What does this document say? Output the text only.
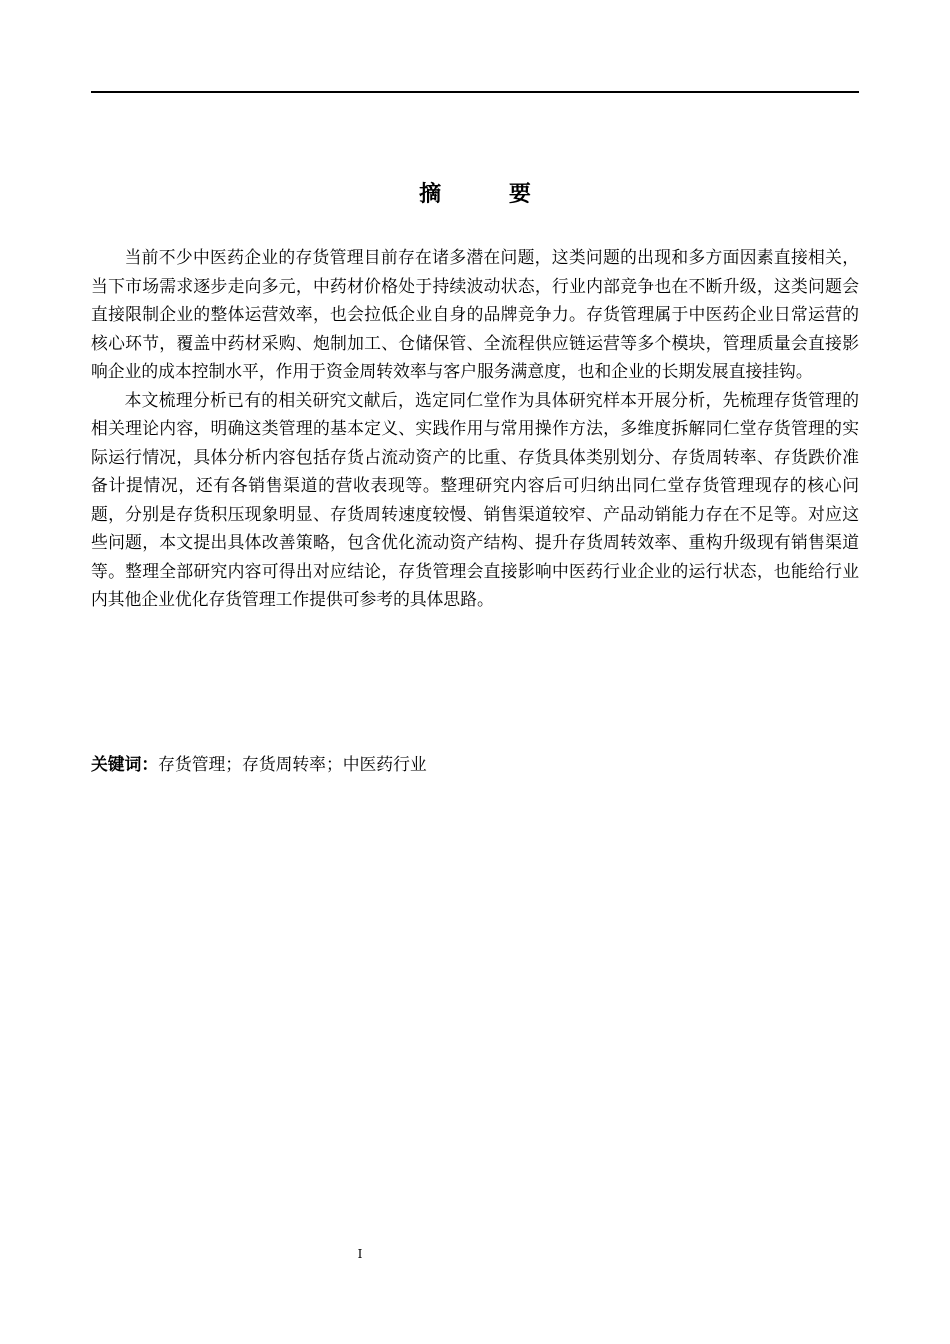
摘 要

当前不少中医药企业的存货管理目前存在诸多潜在问题，这类问题的出现和多方面因素直接相关，当下市场需求逐步走向多元，中药材价格处于持续波动状态，行业内部竞争也在不断升级，这类问题会直接限制企业的整体运营效率，也会拉低企业自身的品牌竞争力。存货管理属于中医药企业日常运营的核心环节，覆盖中药材采购、炮制加工、仓储保管、全流程供应链运营等多个模块，管理质量会直接影响企业的成本控制水平，作用于资金周转效率与客户服务满意度，也和企业的长期发展直接挂钩。

本文梳理分析已有的相关研究文献后，选定同仁堂作为具体研究样本开展分析，先梳理存货管理的相关理论内容，明确这类管理的基本定义、实践作用与常用操作方法，多维度拆解同仁堂存货管理的实际运行情况，具体分析内容包括存货占流动资产的比重、存货具体类别划分、存货周转率、存货跌价准备计提情况，还有各销售渠道的营收表现等。整理研究内容后可归纳出同仁堂存货管理现存的核心问题，分别是存货积压现象明显、存货周转速度较慢、销售渠道较窄、产品动销能力存在不足等。对应这些问题，本文提出具体改善策略，包含优化流动资产结构、提升存货周转效率、重构升级现有销售渠道等。整理全部研究内容可得出对应结论，存货管理会直接影响中医药行业企业的运行状态，也能给行业内其他企业优化存货管理工作提供可参考的具体思路。

关键词：存货管理；存货周转率；中医药行业
I
